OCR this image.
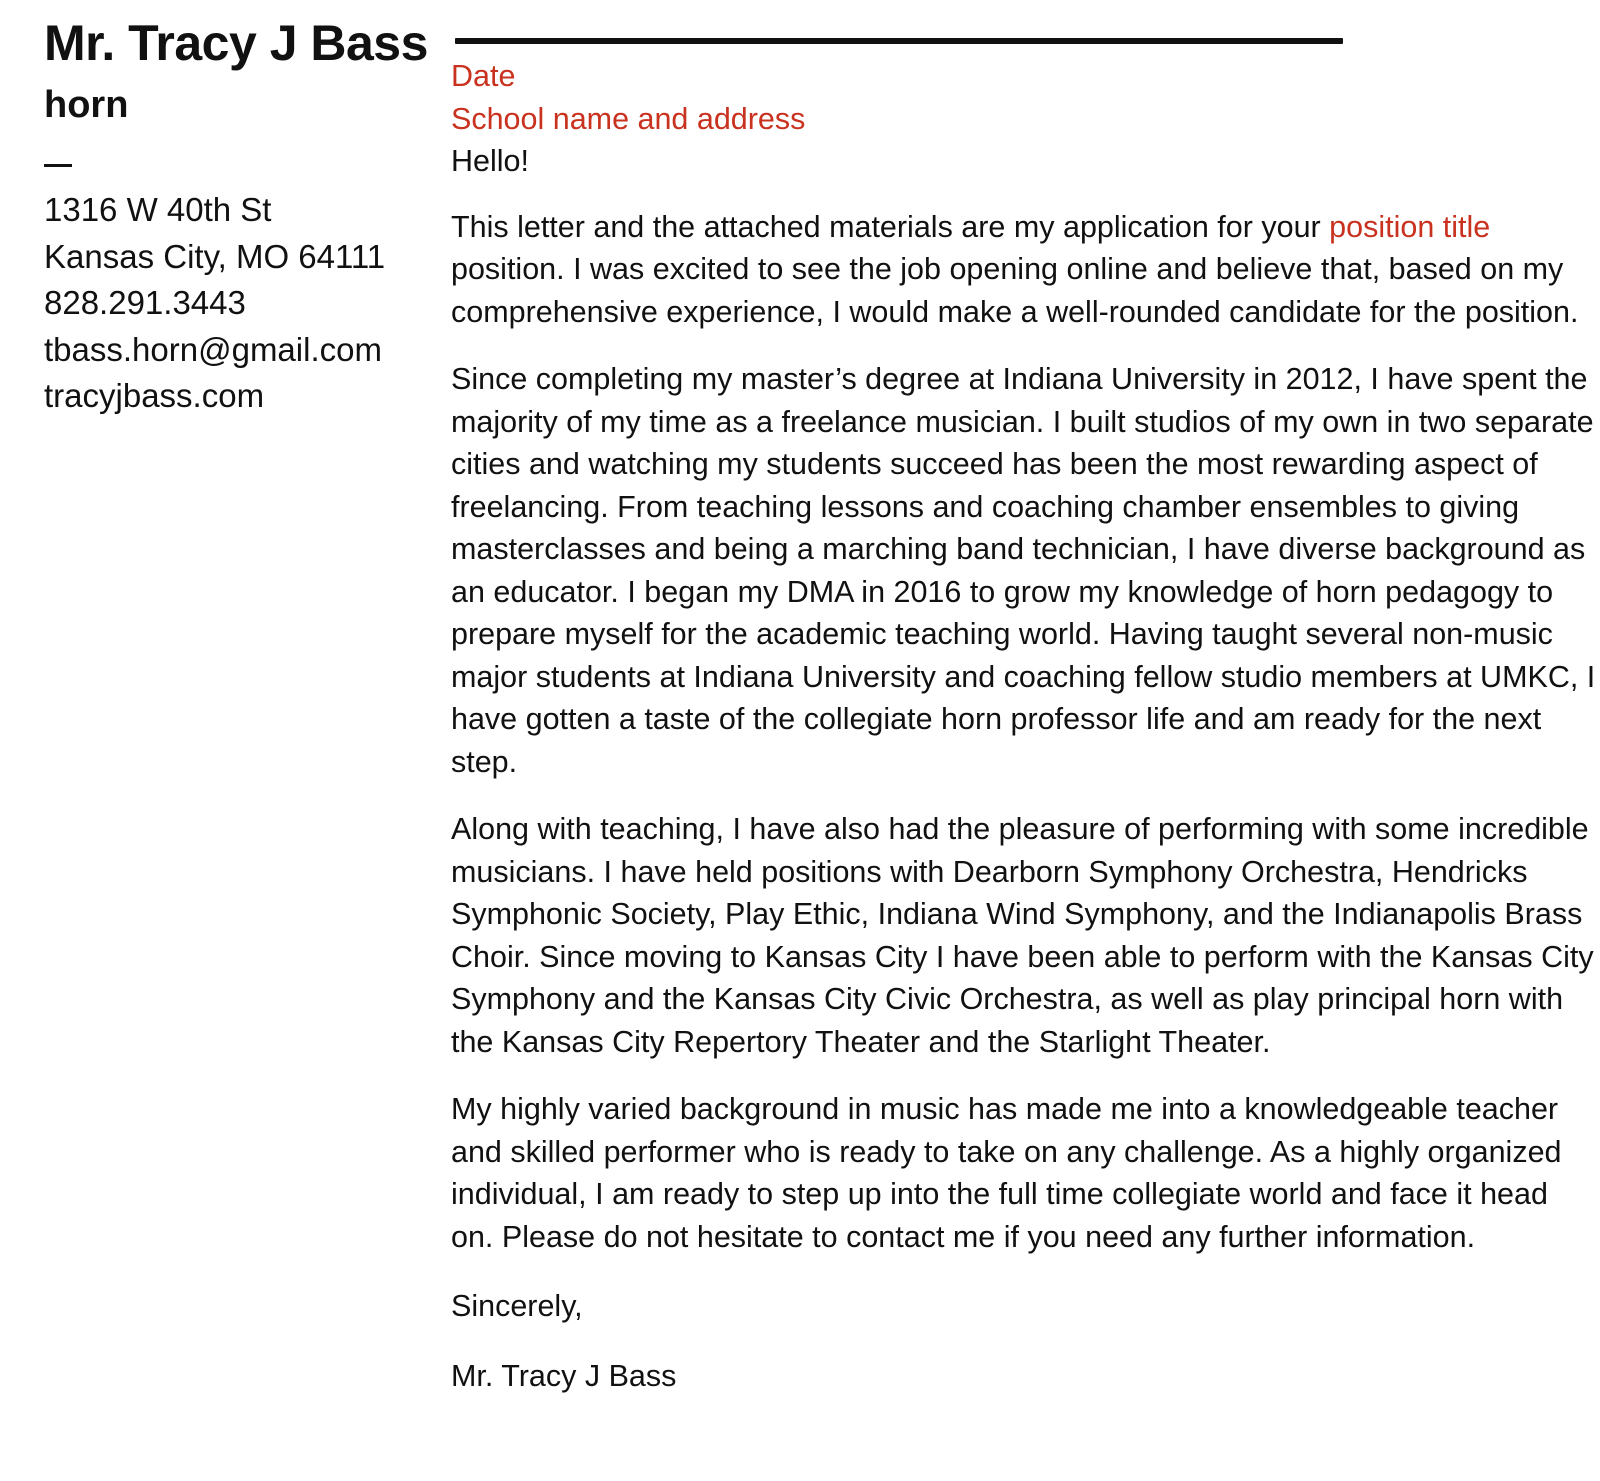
Mr. Tracy J Bass
horn
1316 W 40th St
Kansas City, MO 64111
828.291.3443
tbass.horn@gmail.com
tracyjbass.com

Date

School name and address

Hello!

This letter and the attached materials are my application for your position title position. I was excited to see the job opening online and believe that, based on my comprehensive experience, I would make a well-rounded candidate for the position.

Since completing my master’s degree at Indiana University in 2012, I have spent the majority of my time as a freelance musician. I built studios of my own in two separate cities and watching my students succeed has been the most rewarding aspect of freelancing. From teaching lessons and coaching chamber ensembles to giving masterclasses and being a marching band technician, I have diverse background as an educator. I began my DMA in 2016 to grow my knowledge of horn pedagogy to prepare myself for the academic teaching world. Having taught several non-music major students at Indiana University and coaching fellow studio members at UMKC, I have gotten a taste of the collegiate horn professor life and am ready for the next step.

Along with teaching, I have also had the pleasure of performing with some incredible musicians. I have held positions with Dearborn Symphony Orchestra, Hendricks Symphonic Society, Play Ethic, Indiana Wind Symphony, and the Indianapolis Brass Choir. Since moving to Kansas City I have been able to perform with the Kansas City Symphony and the Kansas City Civic Orchestra, as well as play principal horn with the Kansas City Repertory Theater and the Starlight Theater.

My highly varied background in music has made me into a knowledgeable teacher and skilled performer who is ready to take on any challenge. As a highly organized individual, I am ready to step up into the full time collegiate world and face it head on. Please do not hesitate to contact me if you need any further information.

Sincerely,

Mr. Tracy J Bass
